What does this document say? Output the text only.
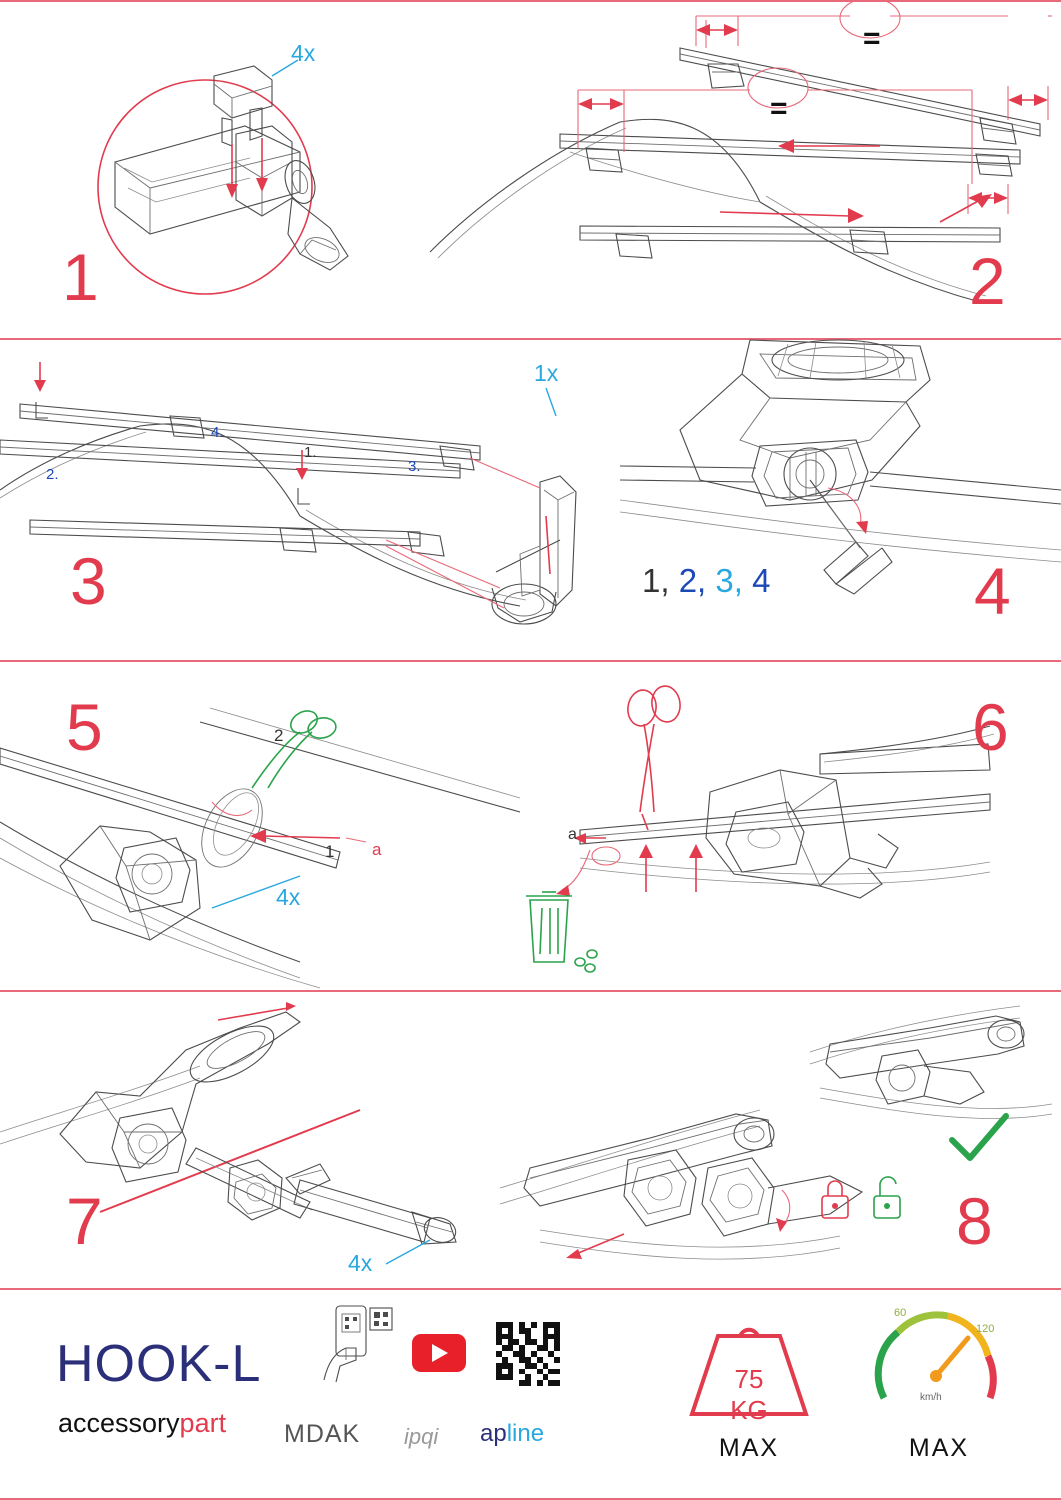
4x
1
=
=
2
2.
4.
3.
1.
1x
3	1, 2, 3, 4	4
2
1 a
4x
5
a
6
4x
7	8
HOOK-L
accessorypart MDAK ipqi apline
75 KG
MAX
60
120
km/h
MAX
